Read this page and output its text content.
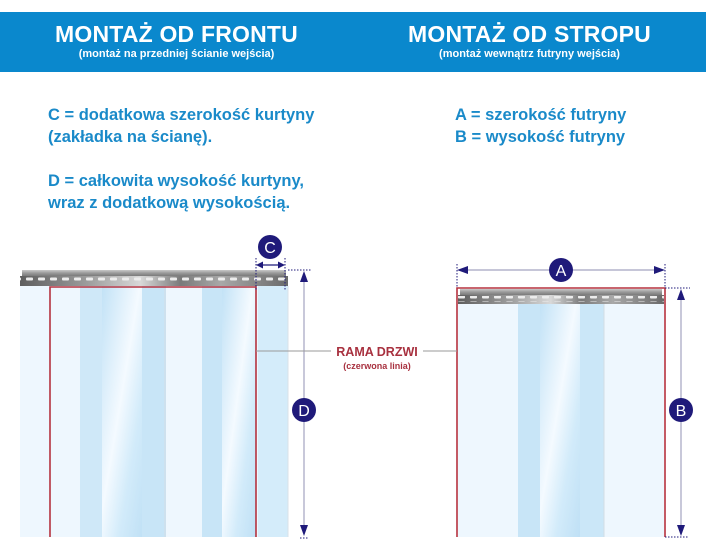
MONTAŻ OD FRONTU
(montaż na przedniej ścianie wejścia)
MONTAŻ OD STROPU
(montaż wewnątrz futryny wejścia)

C = dodatkowa szerokość kurtyny

(zakładka na ścianę).

D = całkowita wysokość kurtyny,

wraz z dodatkową wysokością.

A = szerokość futryny

B = wysokość futryny

C
D
A
B
RAMA DRZWI
(czerwona linia)
